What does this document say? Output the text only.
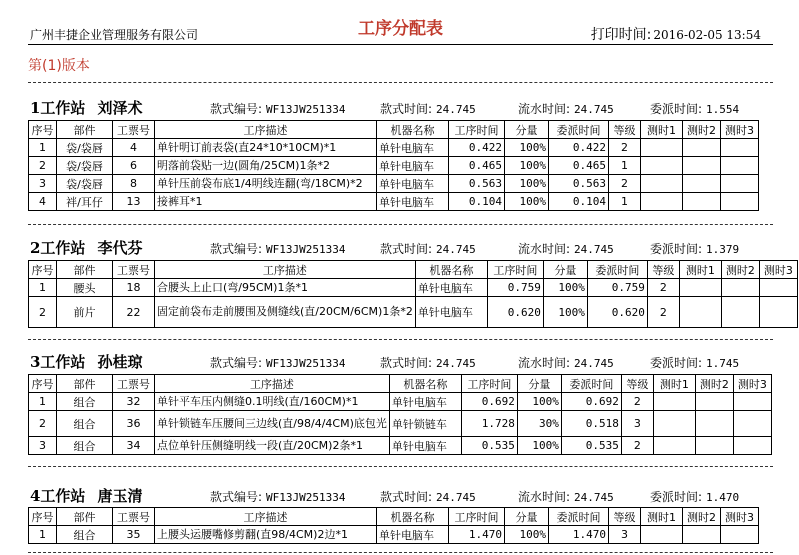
广州丰捷企业管理服务有限公司	工序分配表	打印时间: 2016-02-05 13:54
第(1)版本
1工作站 刘泽术	款式编号: WF13JW251334	款式时间: 24.745	流水时间: 24.745	委派时间: 1.554
序号	部件	工票号	工序描述	机器名称	工序时间	分量	委派时间	等级	测时1	测时2	测时3
1	袋/袋唇	4	单针明订前表袋(直24*10*10CM)*1	单针电脑车	0.422	100%	0.422	2			
2	袋/袋唇	6	明落前袋贴一边(圆角/25CM)1条*2	单针电脑车	0.465	100%	0.465	1			
3	袋/袋唇	8	单针压前袋布底1/4明线连翻(弯/18CM)*2	单针电脑车	0.563	100%	0.563	2			
4	袢/耳仔	13	接裤耳*1	单针电脑车	0.104	100%	0.104	1			
2工作站 李代芬	款式编号: WF13JW251334	款式时间: 24.745	流水时间: 24.745	委派时间: 1.379
序号	部件	工票号	工序描述	机器名称	工序时间	分量	委派时间	等级	测时1	测时2	测时3
1	腰头	18	合腰头上止口(弯/95CM)1条*1	单针电脑车	0.759	100%	0.759	2			
2	前片	22	固定前袋布走前腰围及侧缝线(直/20CM/6CM)1条*2	单针电脑车	0.620	100%	0.620	2			
3工作站 孙桂琼	款式编号: WF13JW251334	款式时间: 24.745	流水时间: 24.745	委派时间: 1.745
序号	部件	工票号	工序描述	机器名称	工序时间	分量	委派时间	等级	测时1	测时2	测时3
1	组合	32	单针平车压内侧缝0.1明线(直/160CM)*1	单针电脑车	0.692	100%	0.692	2			
2	组合	36	单针锁链车压腰间三边线(直/98/4/4CM)底包光	单针锁链车	1.728	30%	0.518	3			
3	组合	34	点位单针压侧缝明线一段(直/20CM)2条*1	单针电脑车	0.535	100%	0.535	2			
4工作站 唐玉清	款式编号: WF13JW251334	款式时间: 24.745	流水时间: 24.745	委派时间: 1.470
序号	部件	工票号	工序描述	机器名称	工序时间	分量	委派时间	等级	测时1	测时2	测时3
1	组合	35	上腰头运腰嘴修剪翻(直98/4CM)2边*1	单针电脑车	1.470	100%	1.470	3			
